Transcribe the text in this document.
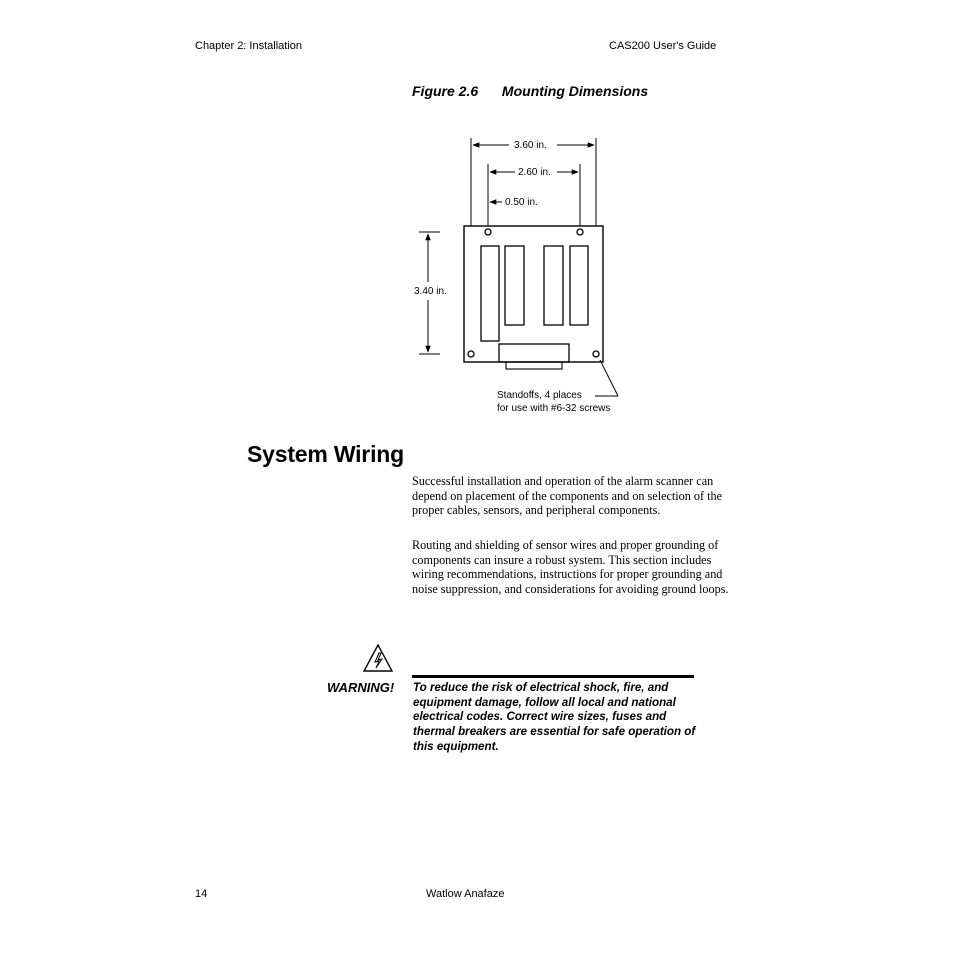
Chapter 2: Installation	CAS200 User's Guide
Figure 2.6 Mounting Dimensions
3.60 in.
2.60 in.
0.50 in.
3.40 in.
Standoffs, 4 places
for use with #6-32 screws
System Wiring
Successful installation and operation of the alarm scanner can depend on placement of the components and on selection of the proper cables, sensors, and peripheral components.
Routing and shielding of sensor wires and proper grounding of components can insure a robust system. This section includes wiring recommendations, instructions for proper grounding and noise suppression, and considerations for avoiding ground loops.
WARNING! To reduce the risk of electrical shock, fire, and equipment damage, follow all local and national electrical codes. Correct wire sizes, fuses and thermal breakers are essential for safe operation of this equipment.
14	Watlow Anafaze
